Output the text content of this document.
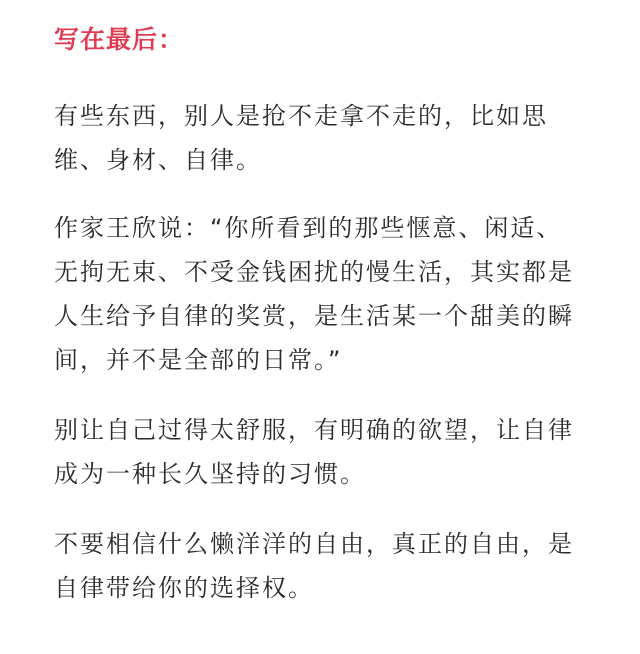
写在最后：

有些东西，别人是抢不走拿不走的，比如思
维、身材、自律。

作家王欣说：“你所看到的那些惬意、闲适、
无拘无束、不受金钱困扰的慢生活，其实都是
人生给予自律的奖赏，是生活某一个甜美的瞬
间，并不是全部的日常。”

别让自己过得太舒服，有明确的欲望，让自律
成为一种长久坚持的习惯。

不要相信什么懒洋洋的自由，真正的自由，是
自律带给你的选择权。
